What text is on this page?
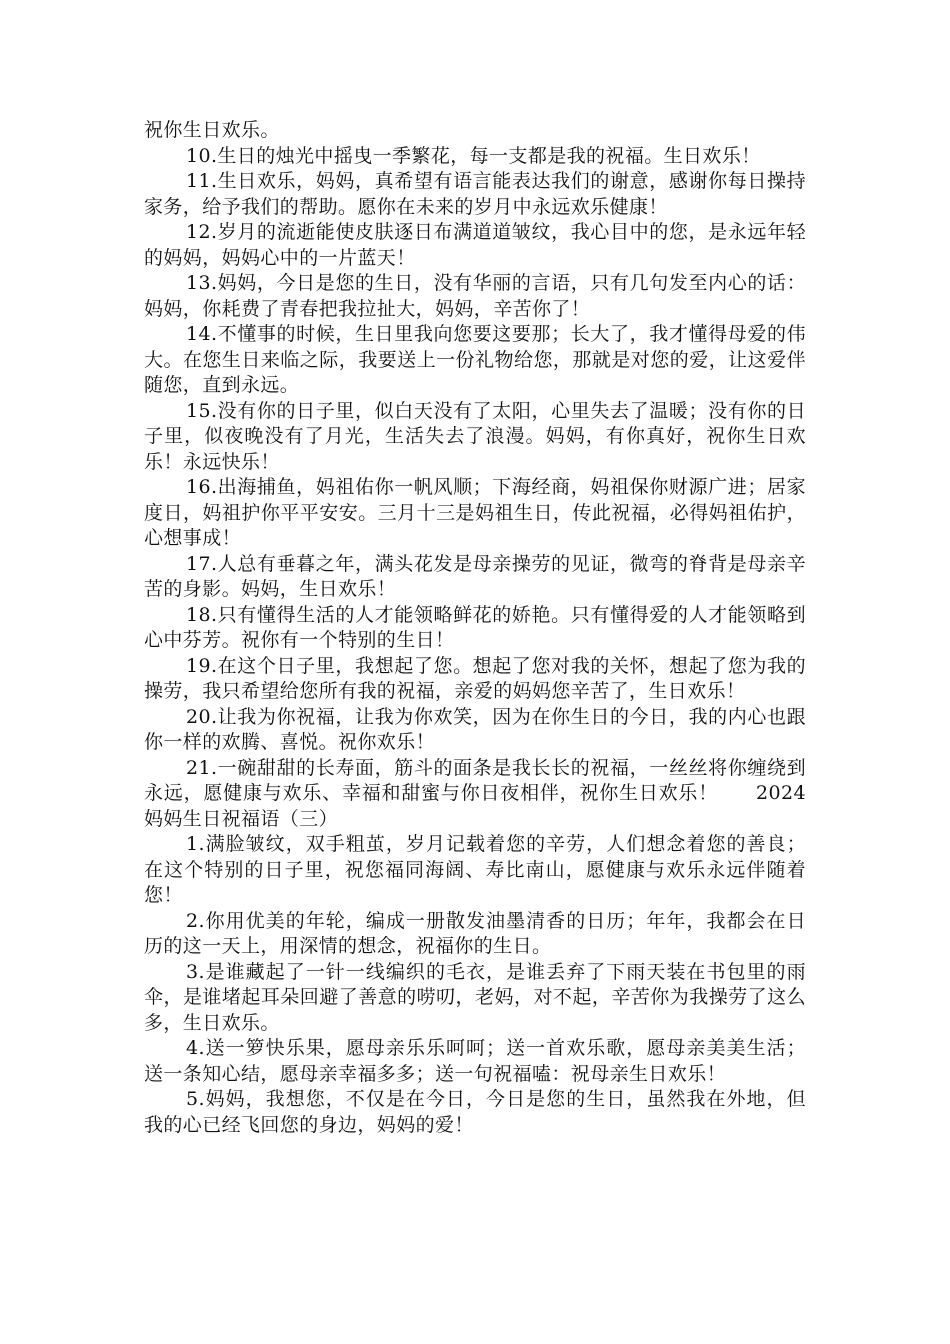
祝你生日欢乐。

10.生日的烛光中摇曳一季繁花，每一支都是我的祝福。生日欢乐！

11.生日欢乐，妈妈，真希望有语言能表达我们的谢意，感谢你每日操持家务，给予我们的帮助。愿你在未来的岁月中永远欢乐健康！

12.岁月的流逝能使皮肤逐日布满道道皱纹，我心目中的您，是永远年轻的妈妈，妈妈心中的一片蓝天！

13.妈妈，今日是您的生日，没有华丽的言语，只有几句发至内心的话：妈妈，你耗费了青春把我拉扯大，妈妈，辛苦你了！

14.不懂事的时候，生日里我向您要这要那；长大了，我才懂得母爱的伟大。在您生日来临之际，我要送上一份礼物给您，那就是对您的爱，让这爱伴随您，直到永远。

15.没有你的日子里，似白天没有了太阳，心里失去了温暖；没有你的日子里，似夜晚没有了月光，生活失去了浪漫。妈妈，有你真好，祝你生日欢乐！永远快乐！

16.出海捕鱼，妈祖佑你一帆风顺；下海经商，妈祖保你财源广进；居家度日，妈祖护你平平安安。三月十三是妈祖生日，传此祝福，必得妈祖佑护，心想事成！

17.人总有垂暮之年，满头花发是母亲操劳的见证，微弯的脊背是母亲辛苦的身影。妈妈，生日欢乐！

18.只有懂得生活的人才能领略鲜花的娇艳。只有懂得爱的人才能领略到心中芬芳。祝你有一个特别的生日！

19.在这个日子里，我想起了您。想起了您对我的关怀，想起了您为我的操劳，我只希望给您所有我的祝福，亲爱的妈妈您辛苦了，生日欢乐！

20.让我为你祝福，让我为你欢笑，因为在你生日的今日，我的内心也跟你一样的欢腾、喜悦。祝你欢乐！

21.一碗甜甜的长寿面，筋斗的面条是我长长的祝福，一丝丝将你缠绕到永远，愿健康与欢乐、幸福和甜蜜与你日夜相伴，祝你生日欢乐！ 2024妈妈生日祝福语（三）

1.满脸皱纹，双手粗茧，岁月记载着您的辛劳，人们想念着您的善良；在这个特别的日子里，祝您福同海阔、寿比南山，愿健康与欢乐永远伴随着您！

2.你用优美的年轮，编成一册散发油墨清香的日历；年年，我都会在日历的这一天上，用深情的想念，祝福你的生日。

3.是谁藏起了一针一线编织的毛衣，是谁丢弃了下雨天装在书包里的雨伞，是谁堵起耳朵回避了善意的唠叨，老妈，对不起，辛苦你为我操劳了这么多，生日欢乐。

4.送一箩快乐果，愿母亲乐乐呵呵；送一首欢乐歌，愿母亲美美生活；送一条知心结，愿母亲幸福多多；送一句祝福嗑：祝母亲生日欢乐！

5.妈妈，我想您，不仅是在今日，今日是您的生日，虽然我在外地，但我的心已经飞回您的身边，妈妈的爱！
